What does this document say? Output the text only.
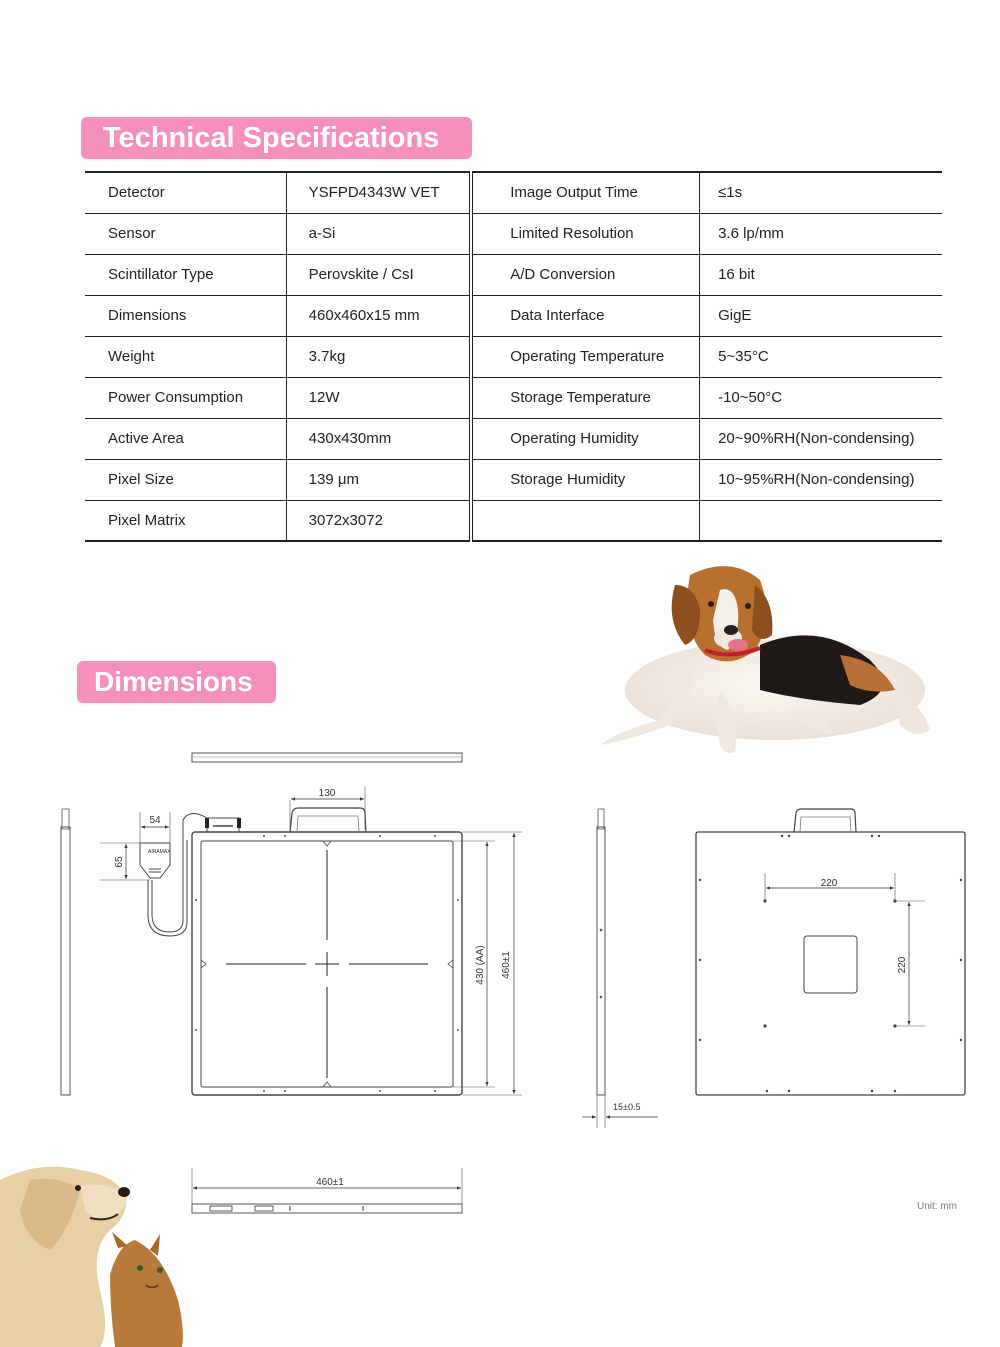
Technical Specifications
Detector	YSFPD4343W VET	Image Output Time	≤1s
Sensor	a-Si	Limited Resolution	3.6 lp/mm
Scintillator Type	Perovskite / CsI	A/D Conversion	16 bit
Dimensions	460x460x15 mm	Data Interface	GigE
Weight	3.7kg	Operating Temperature	5~35°C
Power Consumption	12W	Storage Temperature	-10~50°C
Active Area	430x430mm	Operating Humidity	20~90%RH(Non-condensing)
Pixel Size	139 μm	Storage Humidity	10~95%RH(Non-condensing)
Pixel Matrix	3072x3072		
Dimensions
AIRAMAX
130
54
65
430 (AA) 460±1
460±1
15±0.5
220
220
Unit: mm
